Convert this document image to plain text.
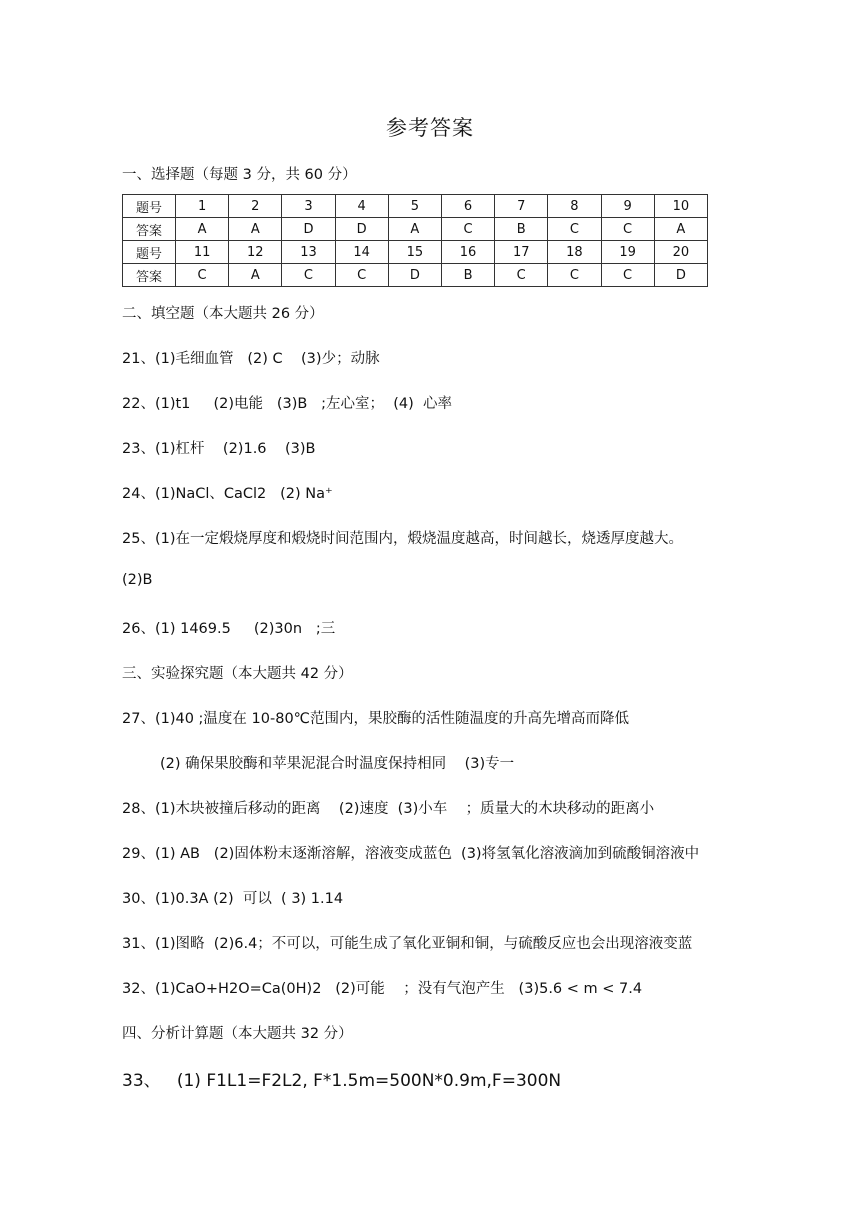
参考答案
一、选择题（每题 3 分，共 60 分）
题号	1	2	3	4	5	6	7	8	9	10
答案	A	A	D	D	A	C	B	C	C	A
题号	11	12	13	14	15	16	17	18	19	20
答案	C	A	C	C	D	B	C	C	C	D
二、填空题（本大题共 26 分）
21、(1)毛细血管   (2) C    (3)少；动脉
22、(1)t1     (2)电能   (3)B   ;左心室；  (4)  心率
23、(1)杠杆    (2)1.6    (3)B
24、(1)NaCl、CaCl2   (2) Na⁺
25、(1)在一定煅烧厚度和煅烧时间范围内，煅烧温度越高，时间越长，烧透厚度越大。
(2)B
26、(1) 1469.5     (2)30n   ;三
三、实验探究题（本大题共 42 分）
27、(1)40 ;温度在 10-80℃范围内，果胶酶的活性随温度的升高先增高而降低
(2) 确保果胶酶和苹果泥混合时温度保持相同    (3)专一
28、(1)木块被撞后移动的距离    (2)速度  (3)小车    ；质量大的木块移动的距离小
29、(1) AB   (2)固体粉末逐渐溶解，溶液变成蓝色  (3)将氢氧化溶液滴加到硫酸铜溶液中
30、(1)0.3A (2)  可以  ( 3) 1.14
31、(1)图略  (2)6.4；不可以，可能生成了氧化亚铜和铜，与硫酸反应也会出现溶液变蓝
32、(1)CaO+H2O=Ca(0H)2   (2)可能    ；没有气泡产生   (3)5.6 < m < 7.4
四、分析计算题（本大题共 32 分）
33、   (1) F1L1=F2L2, F*1.5m=500N*0.9m,F=300N
